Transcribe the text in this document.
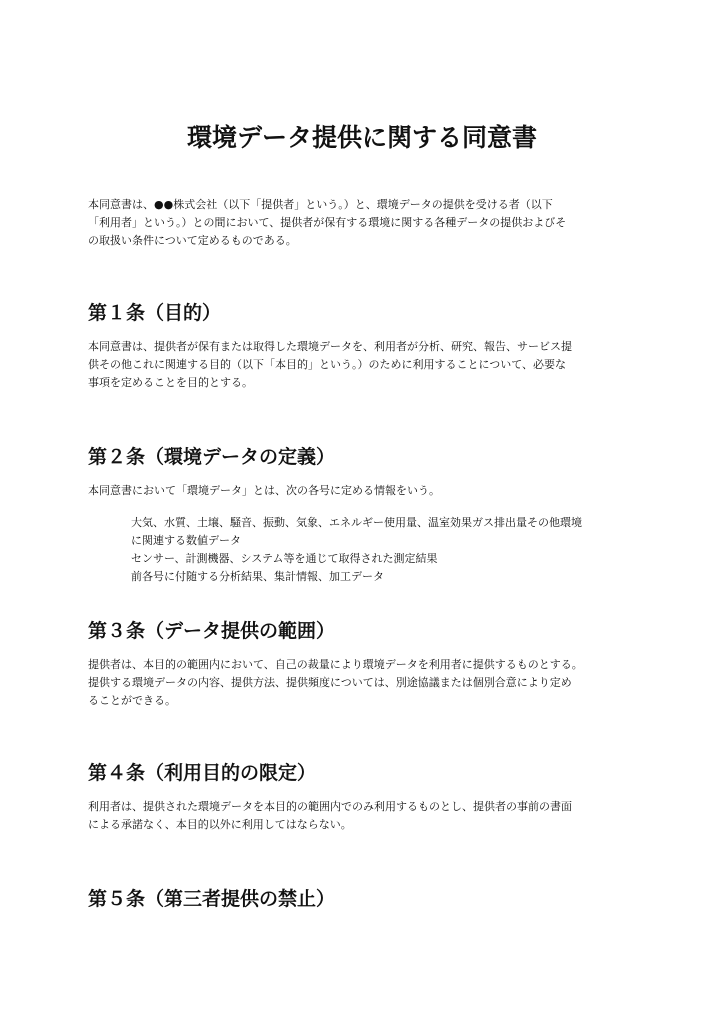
環境データ提供に関する同意書

本同意書は、●●株式会社（以下「提供者」という。）と、環境データの提供を受ける者（以下
「利用者」という。）との間において、提供者が保有する環境に関する各種データの提供およびそ
の取扱い条件について定めるものである。

第１条（目的）

本同意書は、提供者が保有または取得した環境データを、利用者が分析、研究、報告、サービス提
供その他これに関連する目的（以下「本目的」という。）のために利用することについて、必要な
事項を定めることを目的とする。

第２条（環境データの定義）

本同意書において「環境データ」とは、次の各号に定める情報をいう。

大気、水質、土壌、騒音、振動、気象、エネルギー使用量、温室効果ガス排出量その他環境
に関連する数値データ
センサー、計測機器、システム等を通じて取得された測定結果
前各号に付随する分析結果、集計情報、加工データ
第３条（データ提供の範囲）

提供者は、本目的の範囲内において、自己の裁量により環境データを利用者に提供するものとする。
提供する環境データの内容、提供方法、提供頻度については、別途協議または個別合意により定め
ることができる。

第４条（利用目的の限定）

利用者は、提供された環境データを本目的の範囲内でのみ利用するものとし、提供者の事前の書面
による承諾なく、本目的以外に利用してはならない。

第５条（第三者提供の禁止）
